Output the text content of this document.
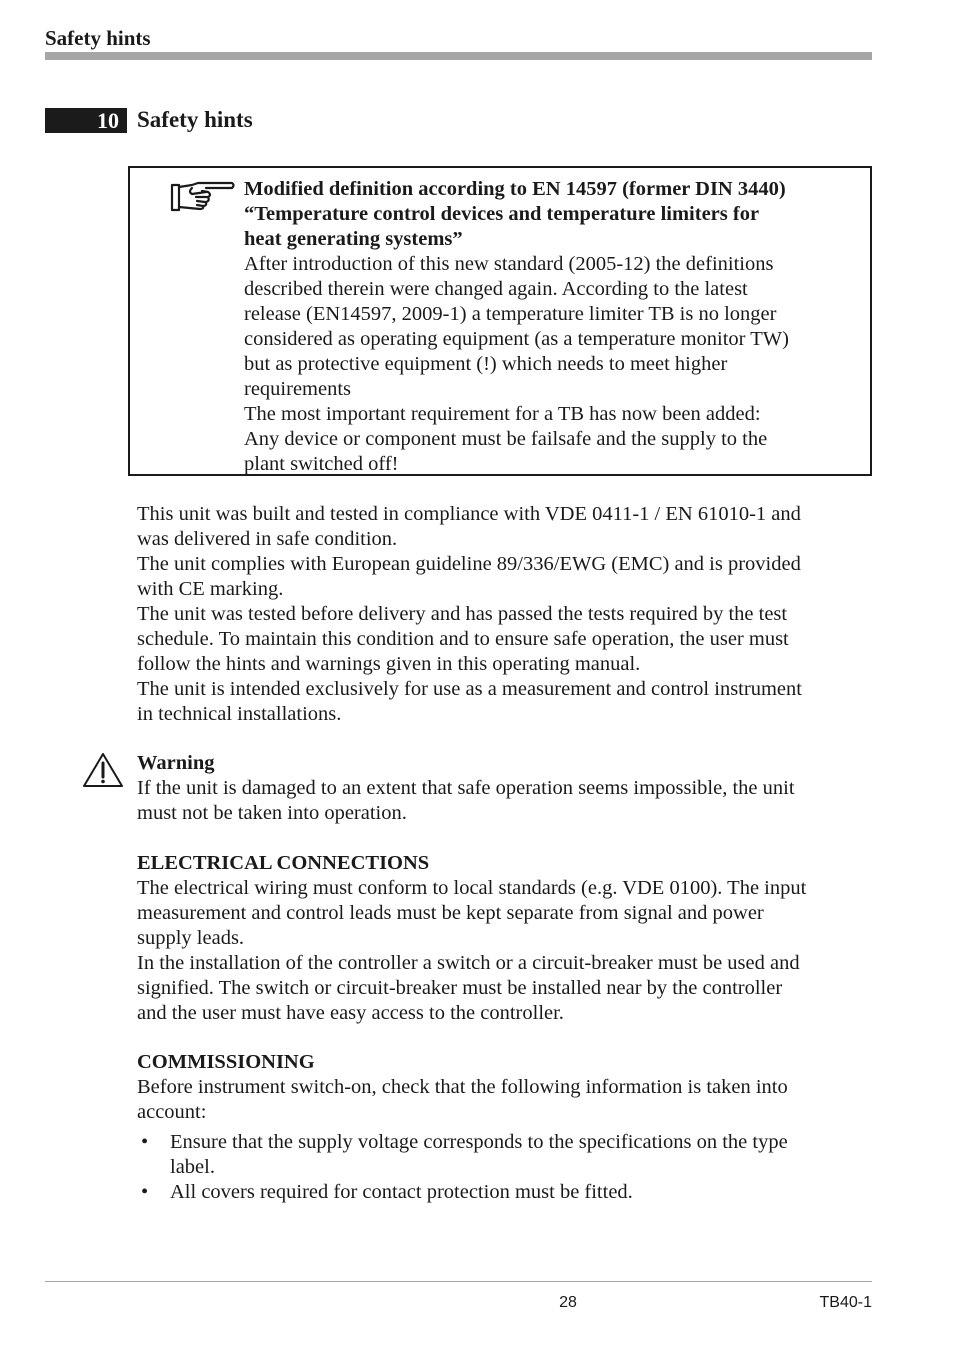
Safety hints
10 Safety hints
Modified definition according to EN 14597 (former DIN 3440)
“Temperature control devices and temperature limiters for
heat generating systems”
After introduction of this new standard (2005-12) the definitions
described therein were changed again. According to the latest
release (EN14597, 2009-1) a temperature limiter TB is no longer
considered as operating equipment (as a temperature monitor TW)
but as protective equipment (!) which needs to meet higher
requirements
The most important requirement for a TB has now been added:
Any device or component must be failsafe and the supply to the
plant switched off!

This unit was built and tested in compliance with VDE 0411-1 / EN 61010-1 and

was delivered in safe condition.

The unit complies with European guideline 89/336/EWG (EMC) and is provided

with CE marking.

The unit was tested before delivery and has passed the tests required by the test

schedule. To maintain this condition and to ensure safe operation, the user must

follow the hints and warnings given in this operating manual.

The unit is intended exclusively for use as a measurement and control instrument

in technical installations.

Warning

If the unit is damaged to an extent that safe operation seems impossible, the unit

must not be taken into operation.

ELECTRICAL CONNECTIONS

The electrical wiring must conform to local standards (e.g. VDE 0100). The input

measurement and control leads must be kept separate from signal and power

supply leads.

In the installation of the controller a switch or a circuit-breaker must be used and

signified. The switch or circuit-breaker must be installed near by the controller

and the user must have easy access to the controller.

COMMISSIONING

Before instrument switch-on, check that the following information is taken into

account:

• Ensure that the supply voltage corresponds to the specifications on the type
label.
• All covers required for contact protection must be fitted.
28	TB40-1
